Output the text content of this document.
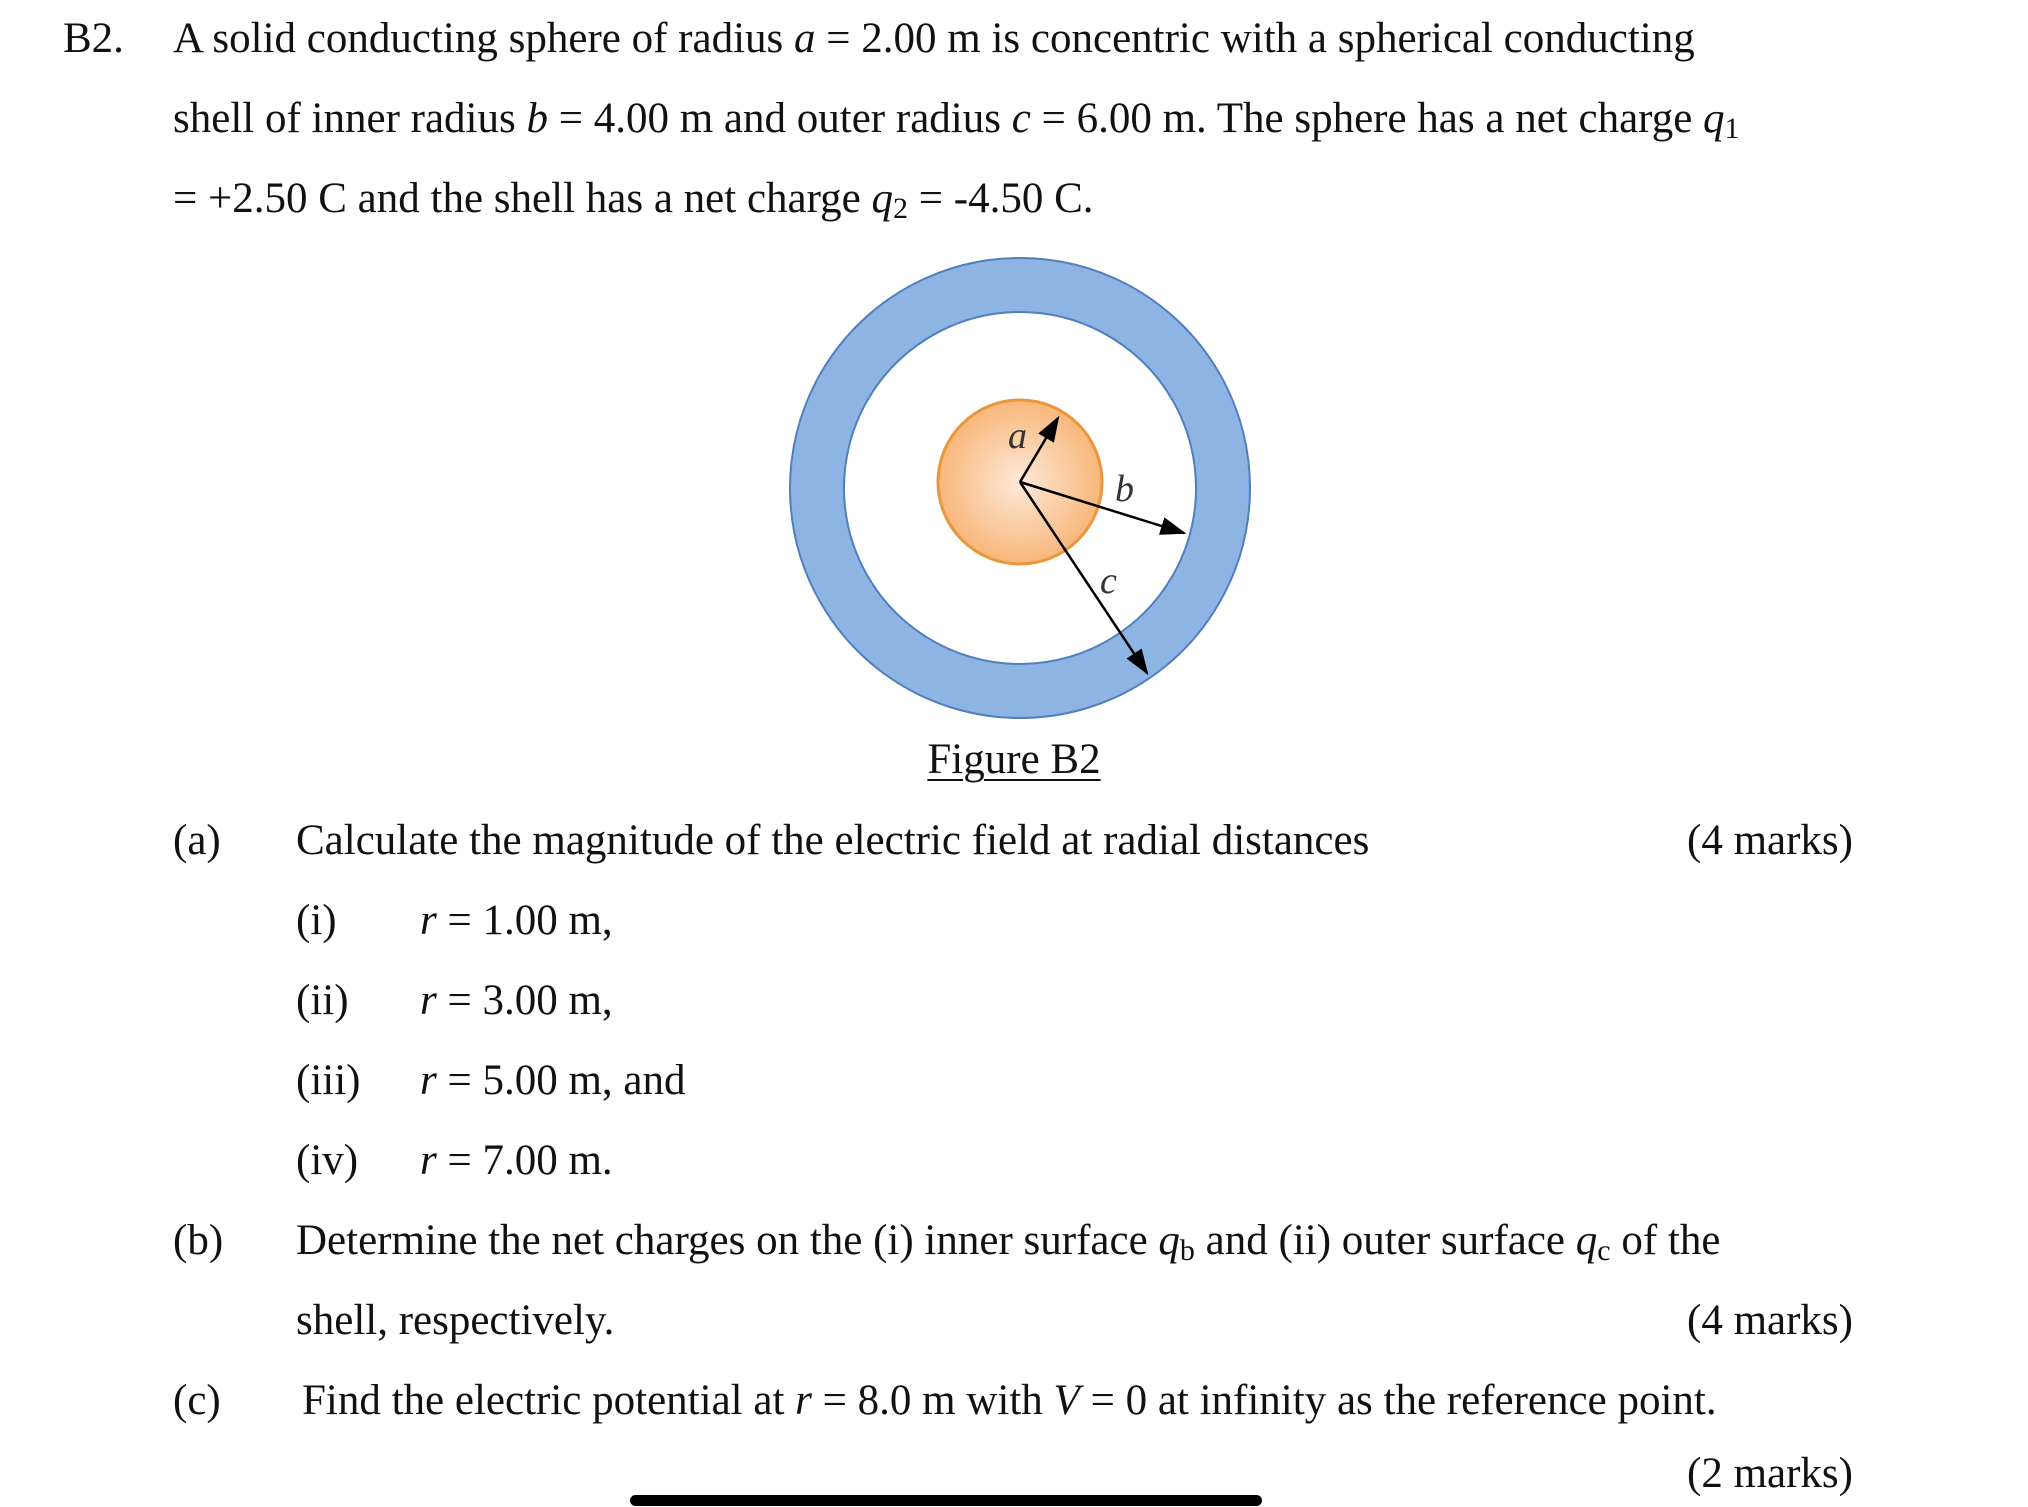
B2. A solid conducting sphere of radius a = 2.00 m is concentric with a spherical conducting
shell of inner radius b = 4.00 m and outer radius c = 6.00 m. The sphere has a net charge q1
= +2.50 C and the shell has a net charge q2 = -4.50 C.
a
b
c
Figure B2
(a) Calculate the magnitude of the electric field at radial distances	(4 marks)
(i) r = 1.00 m,
(ii) r = 3.00 m,
(iii) r = 5.00 m, and
(iv) r = 7.00 m.
(b) Determine the net charges on the (i) inner surface qb and (ii) outer surface qc of the
shell, respectively.	(4 marks)
(c) Find the electric potential at r = 8.0 m with V = 0 at infinity as the reference point.
(2 marks)
